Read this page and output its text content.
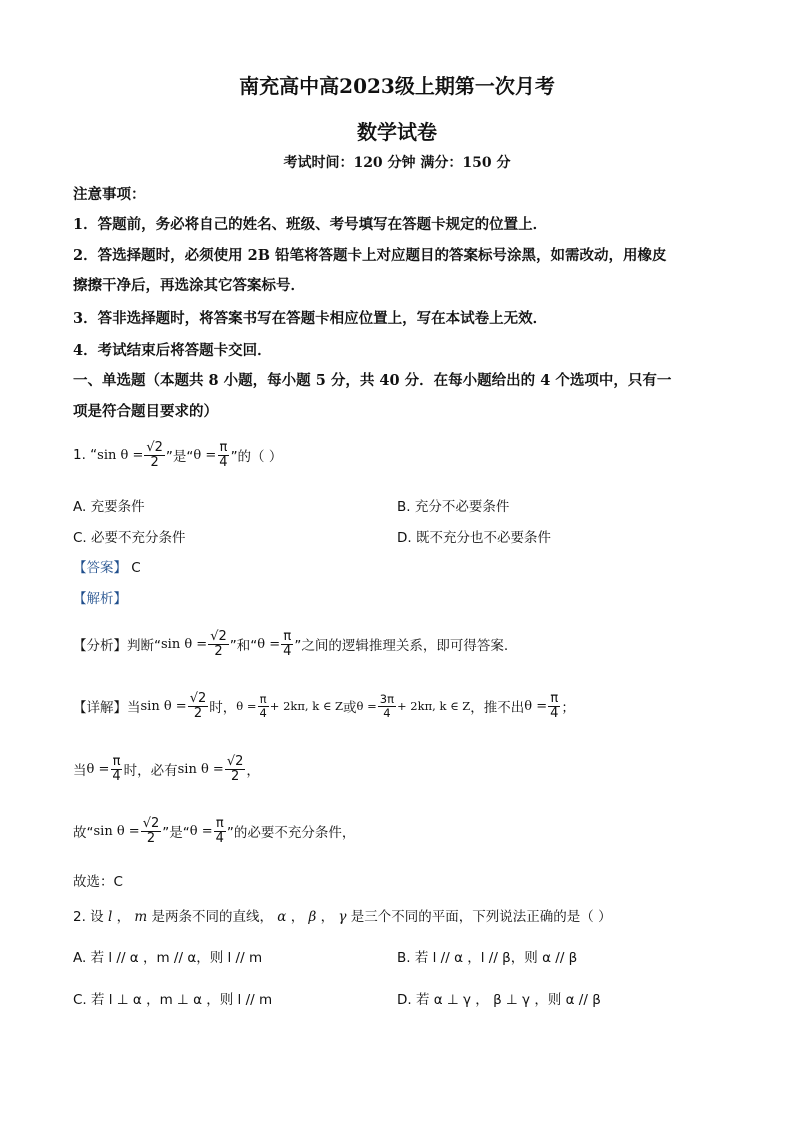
南充高中高2023级上期第一次月考
数学试卷
考试时间：120 分钟 满分：150 分
注意事项：
1．答题前，务必将自己的姓名、班级、考号填写在答题卡规定的位置上．
2．答选择题时，必须使用 2B 铅笔将答题卡上对应题目的答案标号涂黑，如需改动，用橡皮
擦擦干净后，再选涂其它答案标号．
3．答非选择题时，将答案书写在答题卡相应位置上，写在本试卷上无效．
4．考试结束后将答题卡交回．
一、单选题（本题共 8 小题，每小题 5 分，共 40 分．在每小题给出的 4 个选项中，只有一
项是符合题目要求的）
1. “ $\sin \theta = \frac{√2}{2}$ ”是“ $\theta = \frac{\pi}{4}$ ”的（ ）
A. 充要条件	B. 充分不必要条件
C. 必要不充分条件	D. 既不充分也不必要条件
【答案】 C
【解析】
【分析】 判断“ $\sin \theta = \frac{√2}{2}$ ”和“ $\theta = \frac{\pi}{4}$ ”之间的逻辑推理关系，即可得答案.
【详解】 当 $\sin \theta = \frac{√2}{2}$ 时， $\theta = \frac{\pi}{4} + 2k\pi$, k ∈ Z 或 $\theta = \frac{3\pi}{4} + 2k\pi$, k ∈ Z ，推不出 $\theta = \frac{\pi}{4}$ ；
当 $\theta = \frac{\pi}{4}$ 时，必有 $\sin \theta = \frac{√2}{2}$ ，
故“ $\sin \theta = \frac{√2}{2}$ ”是“ $\theta = \frac{\pi}{4}$ ”的必要不充分条件，
故选：C
2. 设 l ， m 是两条不同的直线， α ， β ， γ 是三个不同的平面，下列说法正确的是（ ）
A. 若 l // α ，m // α，则 l // m	B. 若 l // α ，l // β，则 α // β
C. 若 l ⊥ α ，m ⊥ α ，则 l // m	D. 若 α ⊥ γ ， β ⊥ γ ，则 α // β
